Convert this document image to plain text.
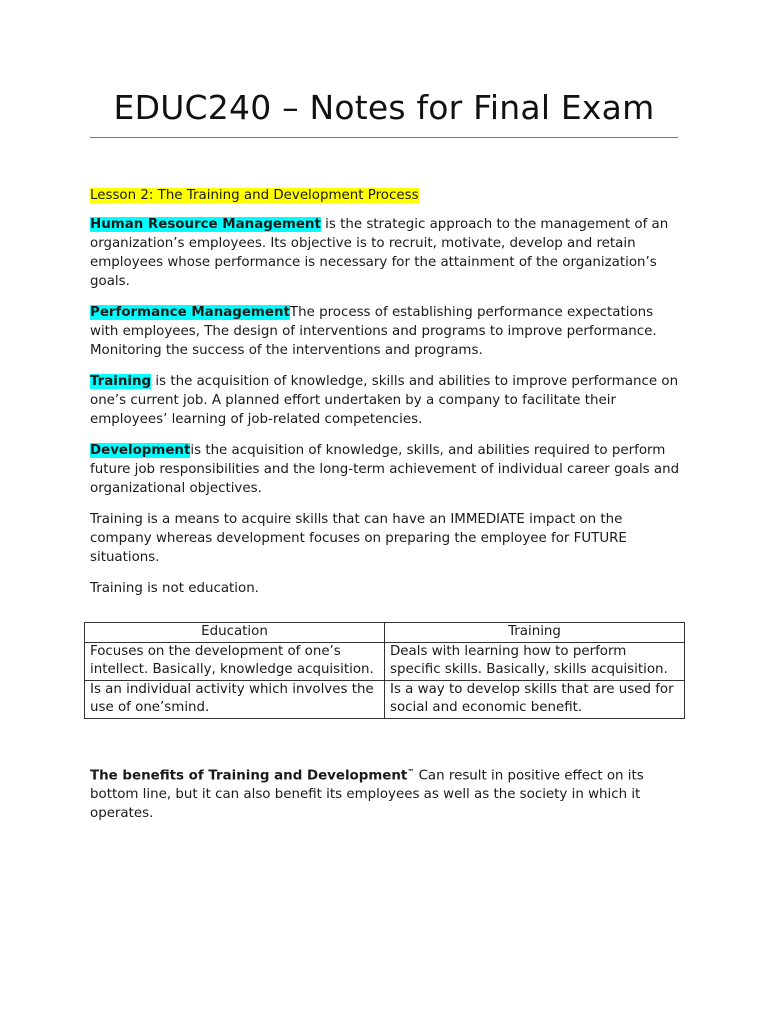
EDUC240 – Notes for Final Exam

Lesson 2: The Training and Development Process

Human Resource Management is the strategic approach to the management of an organization’s employees. Its objective is to recruit, motivate, develop and retain employees whose performance is necessary for the attainment of the organization’s goals.

Performance ManagementThe process of establishing performance expectations with employees, The design of interventions and programs to improve performance. Monitoring the success of the interventions and programs.

Training is the acquisition of knowledge, skills and abilities to improve performance on one’s current job. A planned effort undertaken by a company to facilitate their employees’ learning of job-related competencies.

Developmentis the acquisition of knowledge, skills, and abilities required to perform future job responsibilities and the long-term achievement of individual career goals and organizational objectives.

Training is a means to acquire skills that can have an IMMEDIATE impact on the company whereas development focuses on preparing the employee for FUTURE situations.

Training is not education.

Education	Training
Focuses on the development of one’s intellect. Basically, knowledge acquisition.	Deals with learning how to perform specific skills. Basically, skills acquisition.
Is an individual activity which involves the use of one’smind.	Is a way to develop skills that are used for social and economic benefit.

The benefits of Training and Development™ Can result in positive effect on its bottom line, but it can also benefit its employees as well as the society in which it operates.
